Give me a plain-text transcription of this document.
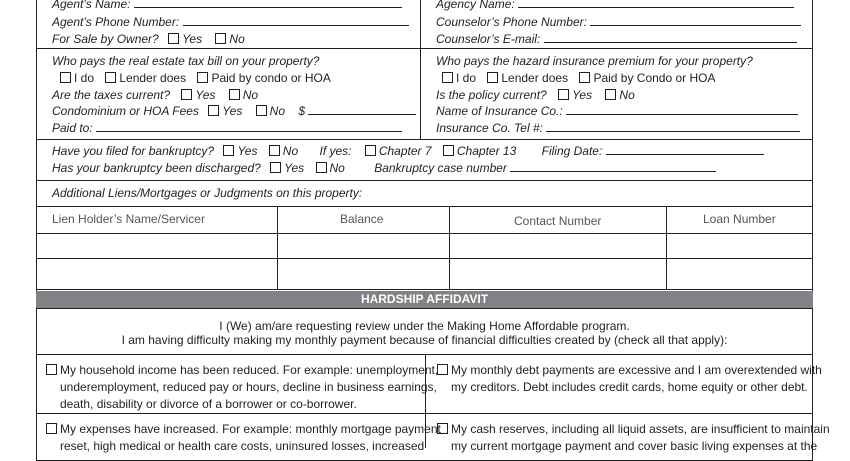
Agent’s Name:
Agent’s Phone Number:
For Sale by Owner? Yes No
Agency Name:
Counselor’s Phone Number:
Counselor’s E-mail:
Who pays the real estate tax bill on your property?
I do Lender does Paid by condo or HOA
Are the taxes current? Yes No
Condominium or HOA Fees Yes No $
Paid to:
Who pays the hazard insurance premium for your property?
I do Lender does Paid by Condo or HOA
Is the policy current? Yes No
Name of Insurance Co.:
Insurance Co. Tel #:
Have you filed for bankruptcy? Yes No If yes: Chapter 7 Chapter 13 Filing Date:
Has your bankruptcy been discharged? Yes No Bankruptcy case number
Additional Liens/Mortgages or Judgments on this property:
Lien Holder’s Name/Servicer	Balance	Contact Number	Loan Number
HARDSHIP AFFIDAVIT
I (We) am/are requesting review under the Making Home Affordable program.
I am having difficulty making my monthly payment because of financial difficulties created by (check all that apply):
My household income has been reduced. For example: unemployment,
underemployment, reduced pay or hours, decline in business earnings,
death, disability or divorce of a borrower or co-borrower.
My monthly debt payments are excessive and I am overextended with
my creditors. Debt includes credit cards, home equity or other debt.
My expenses have increased. For example: monthly mortgage payment
reset, high medical or health care costs, uninsured losses, increased
My cash reserves, including all liquid assets, are insufficient to maintain
my current mortgage payment and cover basic living expenses at the
